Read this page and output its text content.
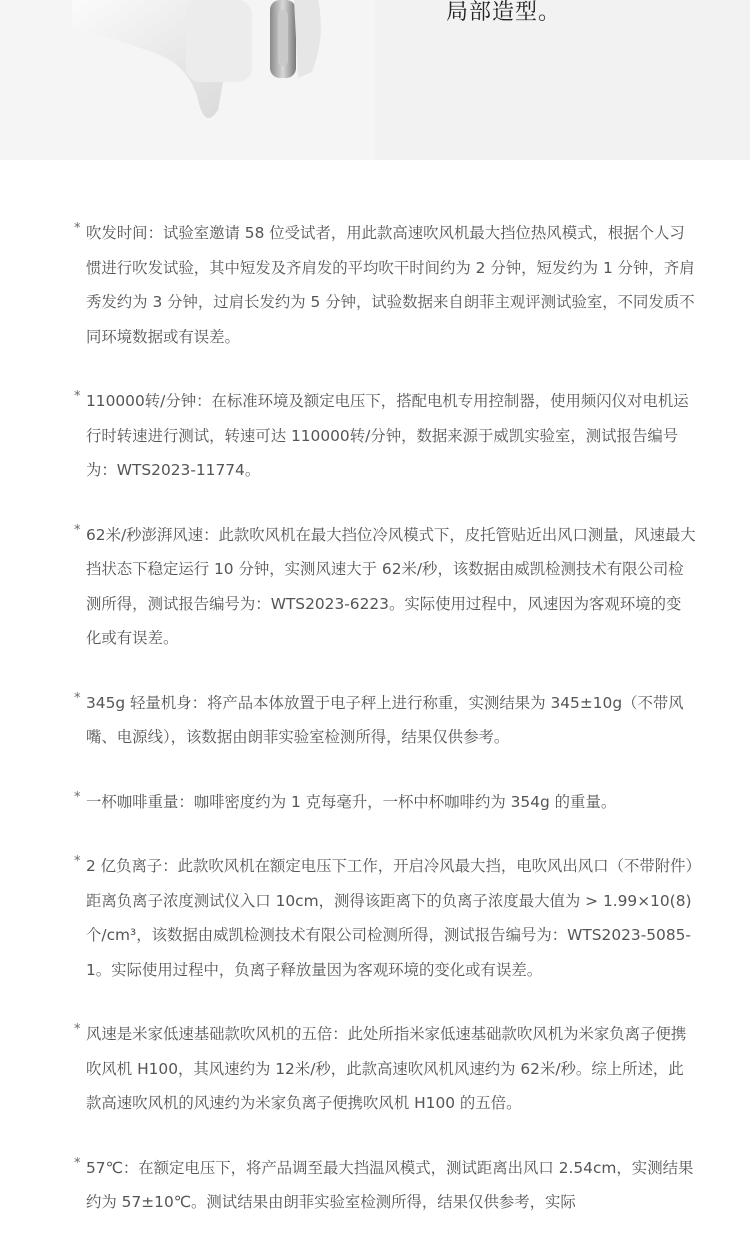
局部造型。

* 吹发时间：试验室邀请 58 位受试者，用此款高速吹风机最大挡位热风模式，根据个人习惯进行吹发试验，其中短发及齐肩发的平均吹干时间约为 2 分钟，短发约为 1 分钟，齐肩秀发约为 3 分钟，过肩长发约为 5 分钟，试验数据来自朗菲主观评测试验室，不同发质不同环境数据或有误差。

* 110000转/分钟：在标准环境及额定电压下，搭配电机专用控制器，使用频闪仪对电机运行时转速进行测试，转速可达 110000转/分钟，数据来源于威凯实验室，测试报告编号为：WTS2023-11774。

* 62米/秒澎湃风速：此款吹风机在最大挡位冷风模式下，皮托管贴近出风口测量，风速最大挡状态下稳定运行 10 分钟，实测风速大于 62米/秒，该数据由威凯检测技术有限公司检测所得，测试报告编号为：WTS2023-6223。实际使用过程中，风速因为客观环境的变化或有误差。

* 345g 轻量机身：将产品本体放置于电子秤上进行称重，实测结果为 345±10g（不带风嘴、电源线），该数据由朗菲实验室检测所得，结果仅供参考。

* 一杯咖啡重量：咖啡密度约为 1 克每毫升，一杯中杯咖啡约为 354g 的重量。

* 2 亿负离子：此款吹风机在额定电压下工作，开启冷风最大挡，电吹风出风口（不带附件）距离负离子浓度测试仪入口 10cm，测得该距离下的负离子浓度最大值为 > 1.99×10(8)个/cm³，该数据由威凯检测技术有限公司检测所得，测试报告编号为：WTS2023-5085-1。实际使用过程中，负离子释放量因为客观环境的变化或有误差。

* 风速是米家低速基础款吹风机的五倍：此处所指米家低速基础款吹风机为米家负离子便携吹风机 H100，其风速约为 12米/秒，此款高速吹风机风速约为 62米/秒。综上所述，此款高速吹风机的风速约为米家负离子便携吹风机 H100 的五倍。

* 57℃：在额定电压下，将产品调至最大挡温风模式，测试距离出风口 2.54cm，实测结果约为 57±10℃。测试结果由朗菲实验室检测所得，结果仅供参考，实际
